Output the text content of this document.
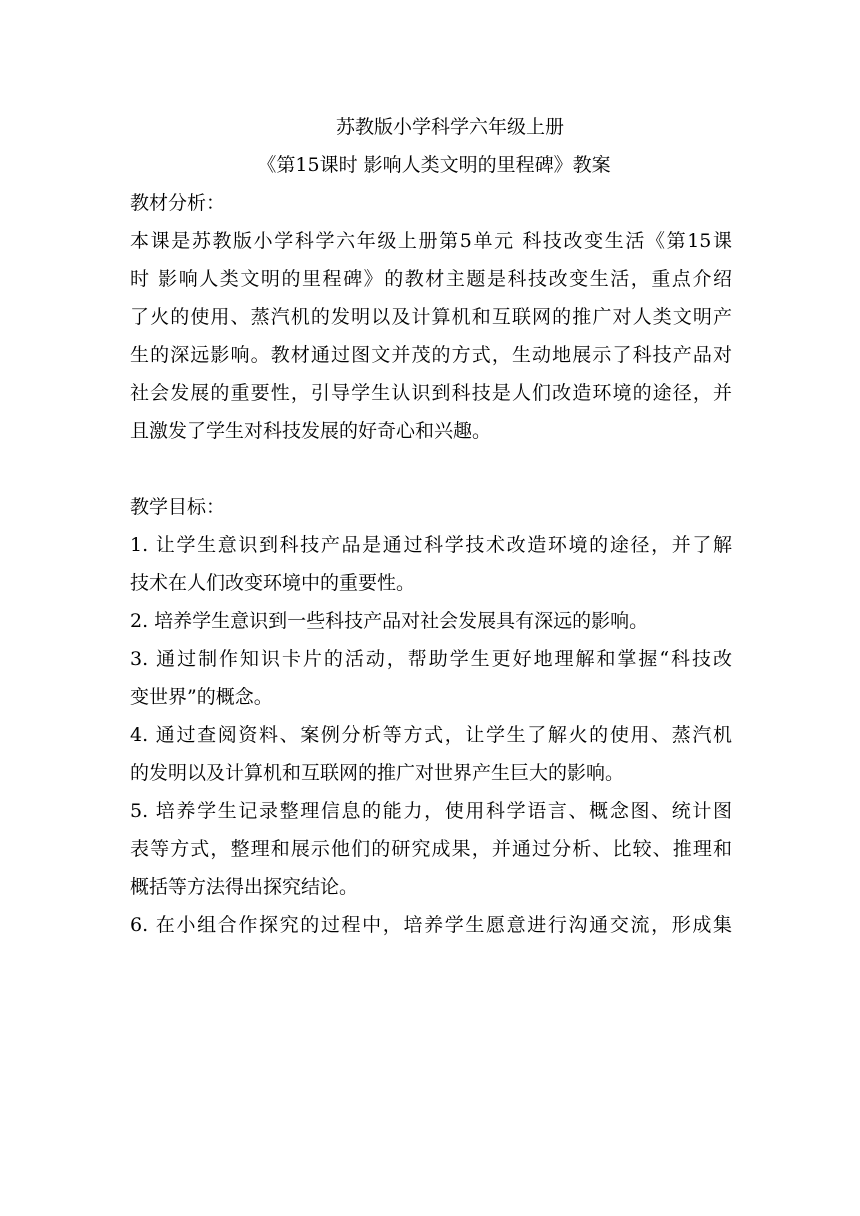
苏教版小学科学六年级上册
《第15课时 影响人类文明的里程碑》教案
教材分析：
本课是苏教版小学科学六年级上册第5单元 科技改变生活《第15课
时 影响人类文明的里程碑》的教材主题是科技改变生活，重点介绍
了火的使用、蒸汽机的发明以及计算机和互联网的推广对人类文明产
生的深远影响。教材通过图文并茂的方式，生动地展示了科技产品对
社会发展的重要性，引导学生认识到科技是人们改造环境的途径，并
且激发了学生对科技发展的好奇心和兴趣。
教学目标：
1. 让学生意识到科技产品是通过科学技术改造环境的途径，并了解
技术在人们改变环境中的重要性。
2. 培养学生意识到一些科技产品对社会发展具有深远的影响。
3. 通过制作知识卡片的活动，帮助学生更好地理解和掌握“科技改
变世界”的概念。
4. 通过查阅资料、案例分析等方式，让学生了解火的使用、蒸汽机
的发明以及计算机和互联网的推广对世界产生巨大的影响。
5. 培养学生记录整理信息的能力，使用科学语言、概念图、统计图
表等方式，整理和展示他们的研究成果，并通过分析、比较、推理和
概括等方法得出探究结论。
6. 在小组合作探究的过程中，培养学生愿意进行沟通交流，形成集
